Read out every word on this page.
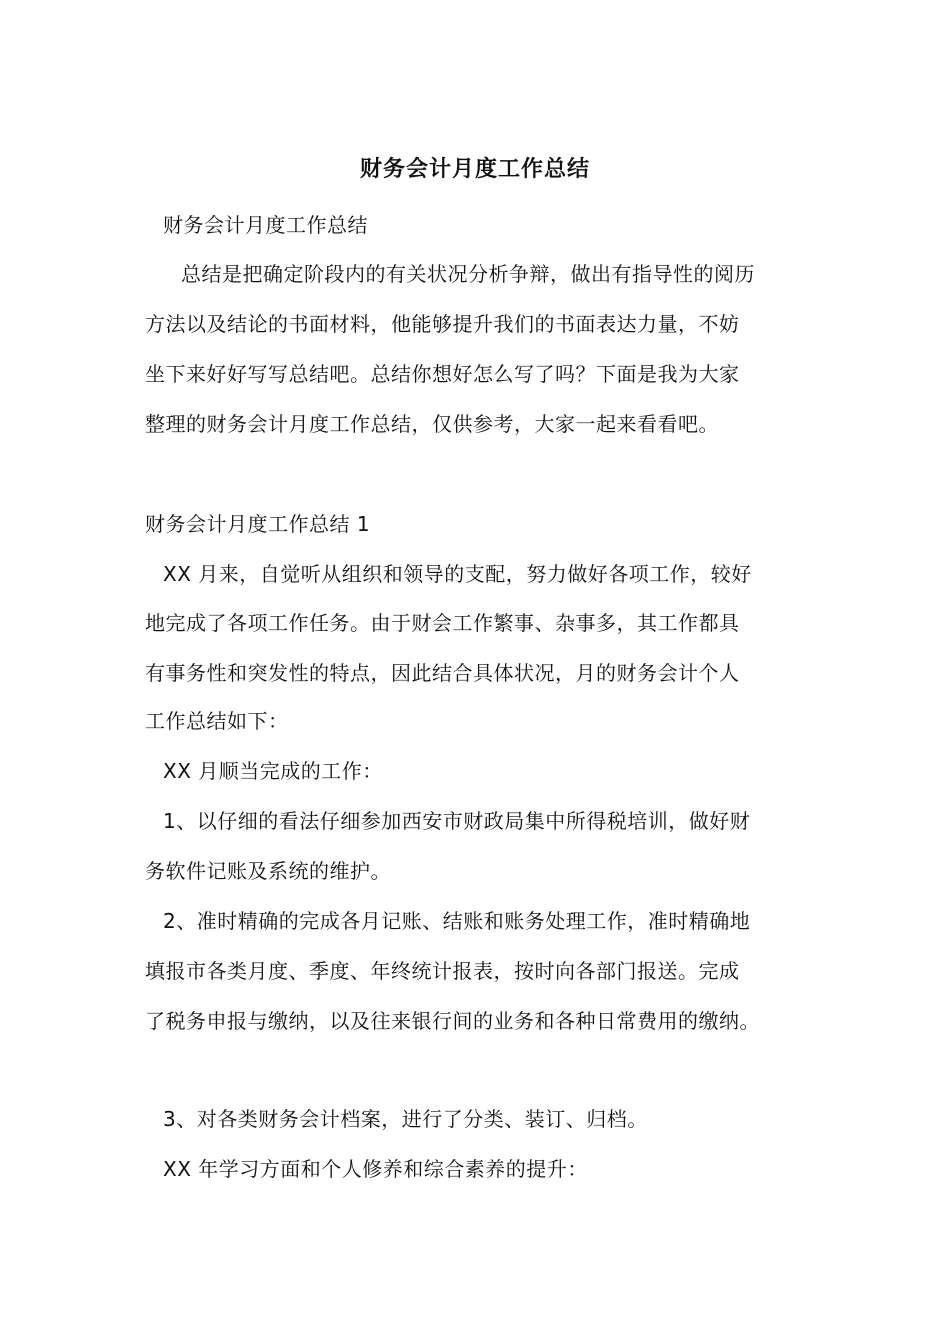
财务会计月度工作总结
财务会计月度工作总结
总结是把确定阶段内的有关状况分析争辩，做出有指导性的阅历
方法以及结论的书面材料，他能够提升我们的书面表达力量，不妨
坐下来好好写写总结吧。总结你想好怎么写了吗？下面是我为大家
整理的财务会计月度工作总结，仅供参考，大家一起来看看吧。
财务会计月度工作总结 1
XX 月来，自觉听从组织和领导的支配，努力做好各项工作，较好
地完成了各项工作任务。由于财会工作繁事、杂事多，其工作都具
有事务性和突发性的特点，因此结合具体状况，月的财务会计个人
工作总结如下：
XX 月顺当完成的工作：
1、以仔细的看法仔细参加西安市财政局集中所得税培训，做好财
务软件记账及系统的维护。
2、准时精确的完成各月记账、结账和账务处理工作，准时精确地
填报市各类月度、季度、年终统计报表，按时向各部门报送。完成
了税务申报与缴纳，以及往来银行间的业务和各种日常费用的缴纳。
3、对各类财务会计档案，进行了分类、装订、归档。
XX 年学习方面和个人修养和综合素养的提升：
